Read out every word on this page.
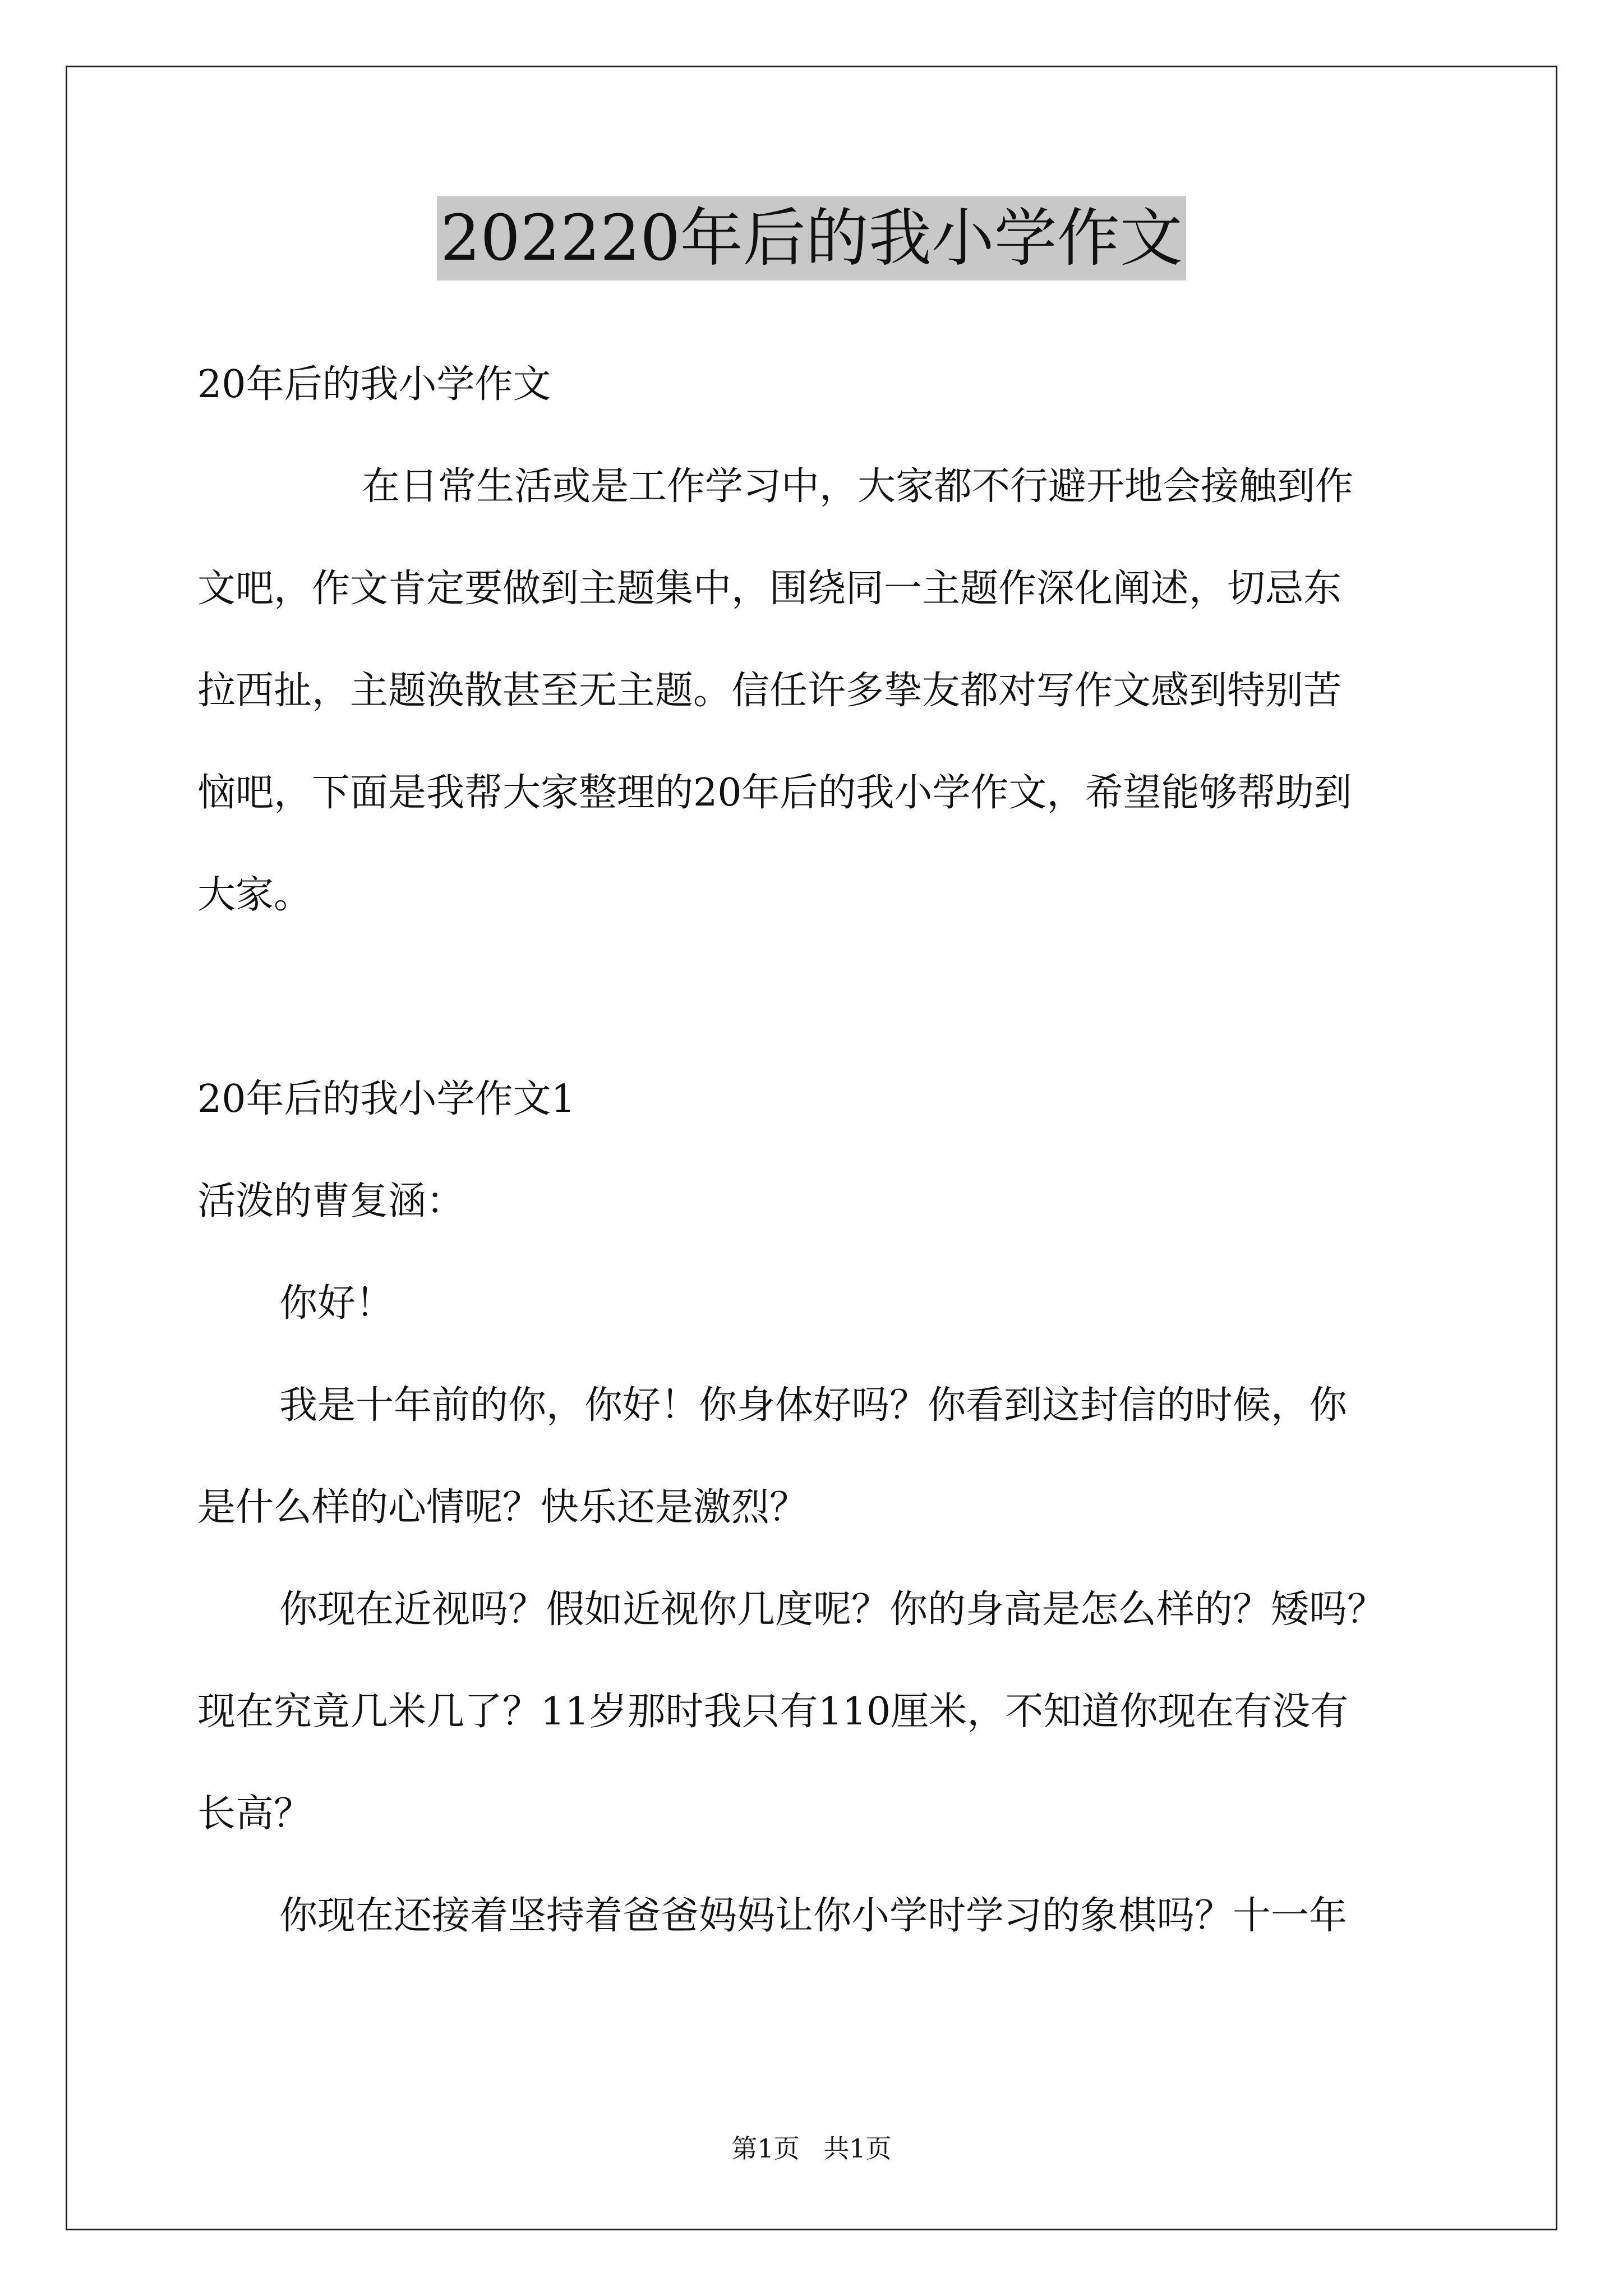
202220年后的我小学作文

20年后的我小学作文

在日常生活或是工作学习中，大家都不行避开地会接触到作

文吧，作文肯定要做到主题集中，围绕同一主题作深化阐述，切忌东

拉西扯，主题涣散甚至无主题。信任许多挚友都对写作文感到特别苦

恼吧，下面是我帮大家整理的20年后的我小学作文，希望能够帮助到

大家。

20年后的我小学作文1

活泼的曹复涵：

你好！

我是十年前的你，你好！你身体好吗？你看到这封信的时候，你

是什么样的心情呢？快乐还是激烈？

你现在近视吗？假如近视你几度呢？你的身高是怎么样的？矮吗？

现在究竟几米几了？11岁那时我只有110厘米，不知道你现在有没有

长高？

你现在还接着坚持着爸爸妈妈让你小学时学习的象棋吗？十一年

第1页 共1页
